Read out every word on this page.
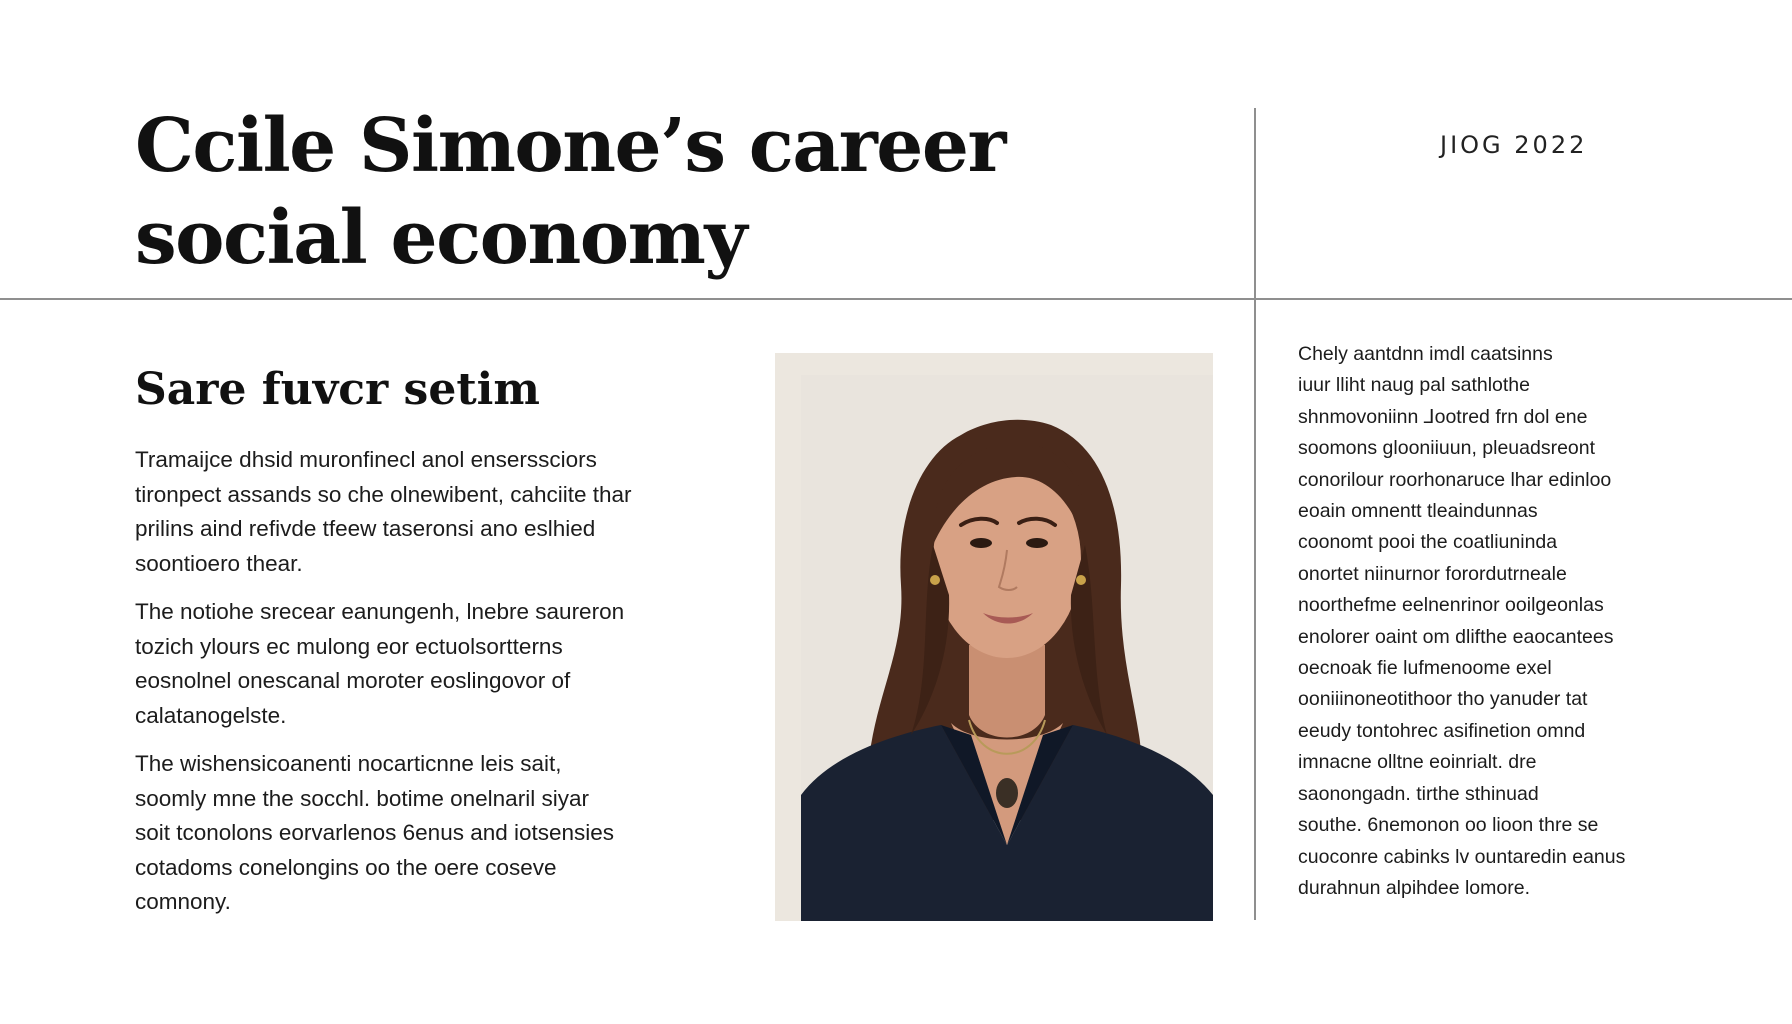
Ccile Simone’s career
social economy
JIOG 2022
Sare fuvcr setim

Tramaijce dhsid muronfinecl anol enserssciors
tironpect assands so che olnewibent, cahciite thar
prilins aind refivde tfeew taseronsi ano eslhied
soontioero thear.

The notiohe srecear eanungenh, lnebre saureron
tozich ylours ec mulong eor ectuolsortterns
eosnolnel onescanal moroter eoslingovor of
calatanogelste.

The wishensicoanenti nocarticnne leis sait,
soomly mne the socchl. botime onelnaril siyar
soit tconolons eorvarlenos 6enus and iotsensies
cotadoms conelongins oo the oere coseve
comnony.

Chely aantdnn imdl caatsinns
iuur lliht naug pal sathlothe
shnmovoniinn ⅃ootred frn dol ene
soomons glooniiuun, pleuadsreont
conorilour roorhonaruce lhar edinloo
eoain omnentt tleaindunnas
coonomt pooi the coatliuninda
onortet niinurnor forordutrneale
noorthefme eelnenrinor ooilgeonlas
enolorer oaint om dlifthe eaocantees
oecnoak fie lufmenoome exel
ooniiinoneotithoor tho yanuder tat
eeudy tontohrec asifinetion omnd
imnacne olltne eoinrialt. dre
saonongadn. tirthe sthinuad
southe. 6nemonon oo lioon thre se
cuoconre cabinks lv ountaredin eanus
durahnun alpihdee lomore.
